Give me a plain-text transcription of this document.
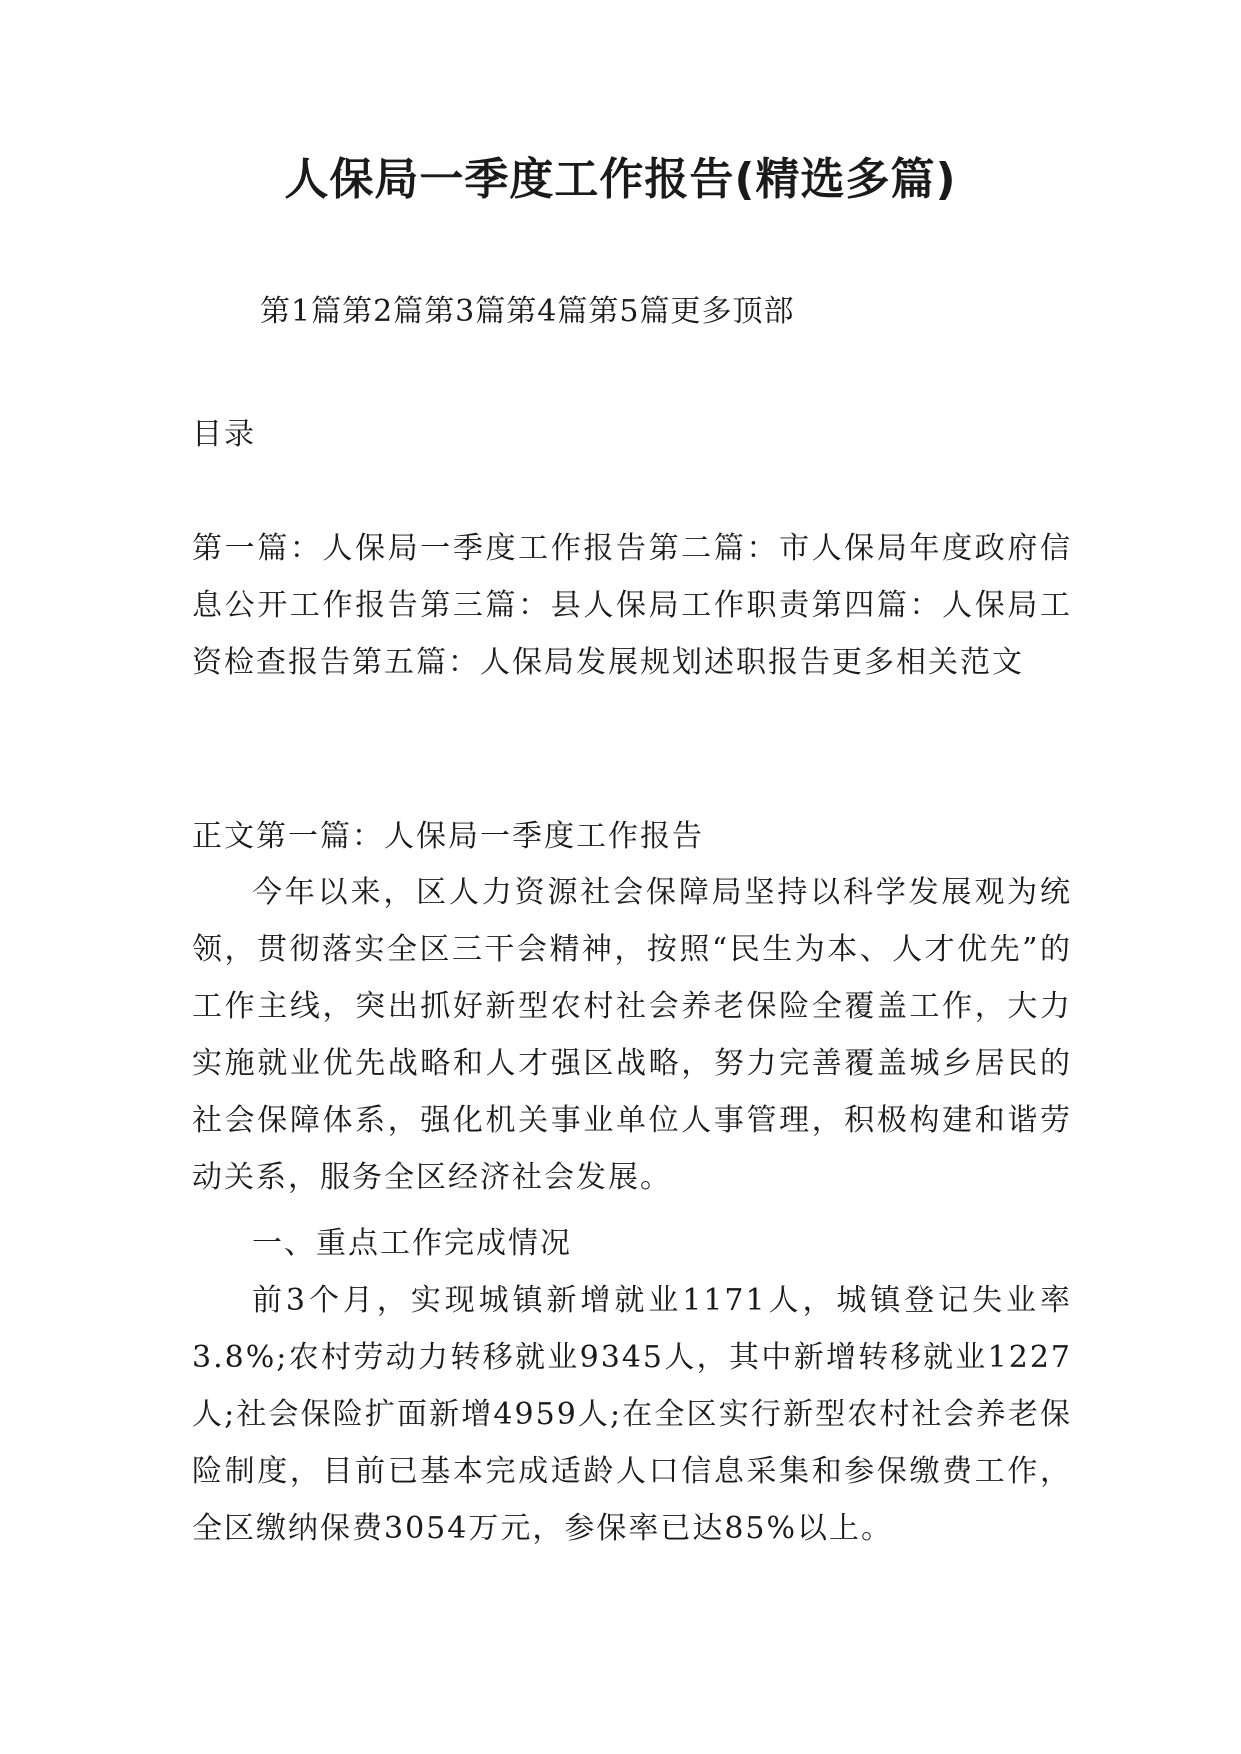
人保局一季度工作报告(精选多篇)
第1篇第2篇第3篇第4篇第5篇更多顶部

目录

第一篇：人保局一季度工作报告第二篇：市人保局年度政府信息公开工作报告第三篇：县人保局工作职责第四篇：人保局工资检查报告第五篇：人保局发展规划述职报告更多相关范文

正文第一篇：人保局一季度工作报告

今年以来，区人力资源社会保障局坚持以科学发展观为统领，贯彻落实全区三干会精神，按照“民生为本、人才优先”的工作主线，突出抓好新型农村社会养老保险全覆盖工作，大力实施就业优先战略和人才强区战略，努力完善覆盖城乡居民的社会保障体系，强化机关事业单位人事管理，积极构建和谐劳动关系，服务全区经济社会发展。

一、重点工作完成情况

前3个月，实现城镇新增就业1171人，城镇登记失业率3.8%;农村劳动力转移就业9345人，其中新增转移就业1227人;社会保险扩面新增4959人;在全区实行新型农村社会养老保险制度，目前已基本完成适龄人口信息采集和参保缴费工作，全区缴纳保费3054万元，参保率已达85%以上。
